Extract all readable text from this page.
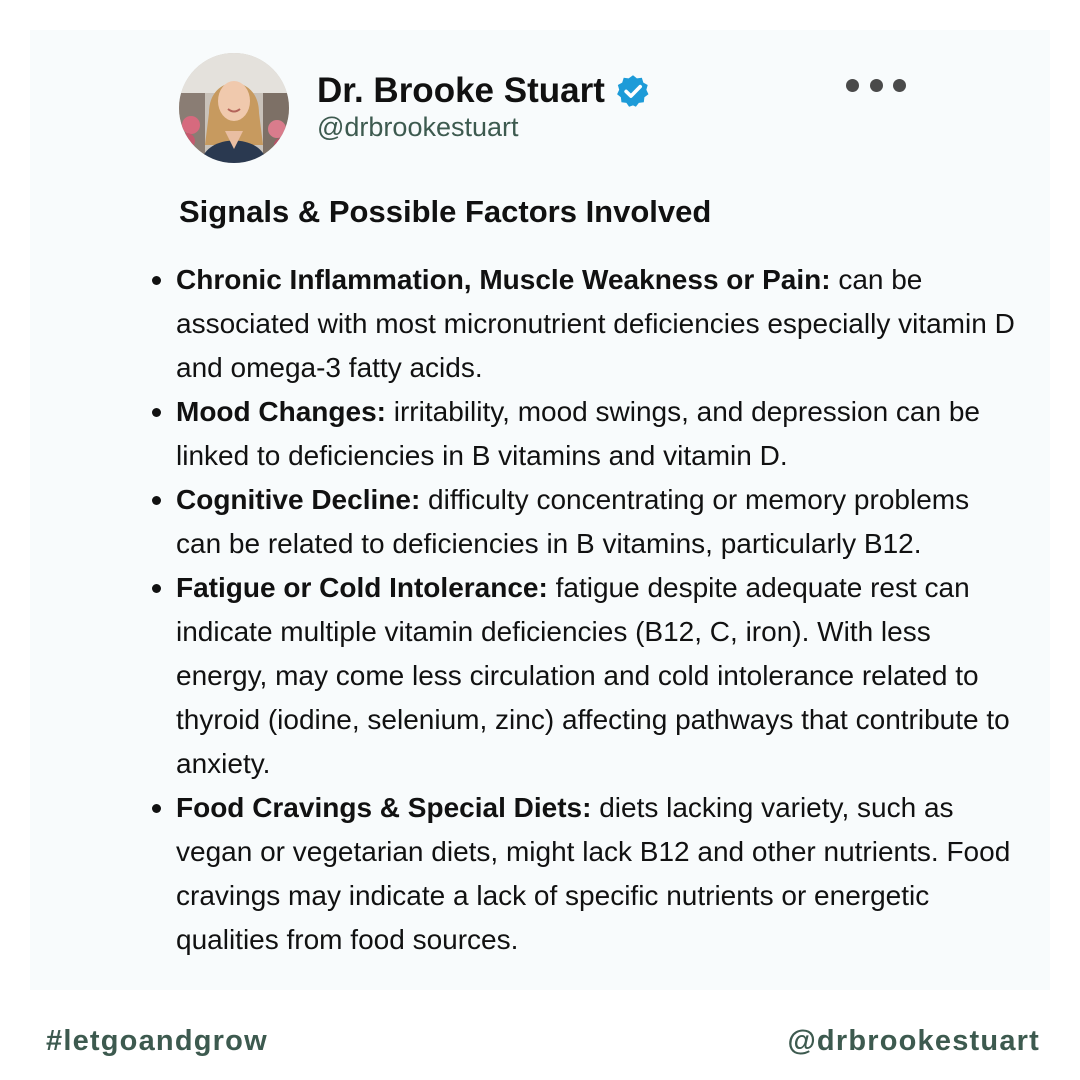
Dr. Brooke Stuart
@drbrookestuart
Signals & Possible Factors Involved
Chronic Inflammation, Muscle Weakness or Pain: can be associated with most micronutrient deficiencies especially vitamin D and omega-3 fatty acids.
Mood Changes: irritability, mood swings, and depression can be linked to deficiencies in B vitamins and vitamin D.
Cognitive Decline: difficulty concentrating or memory problems can be related to deficiencies in B vitamins, particularly B12.
Fatigue or Cold Intolerance: fatigue despite adequate rest can indicate multiple vitamin deficiencies (B12, C, iron). With less energy, may come less circulation and cold intolerance related to thyroid (iodine, selenium, zinc) affecting pathways that contribute to anxiety.
Food Cravings & Special Diets: diets lacking variety, such as vegan or vegetarian diets, might lack B12 and other nutrients. Food cravings may indicate a lack of specific nutrients or energetic qualities from food sources.
#letgoandgrow	@drbrookestuart
